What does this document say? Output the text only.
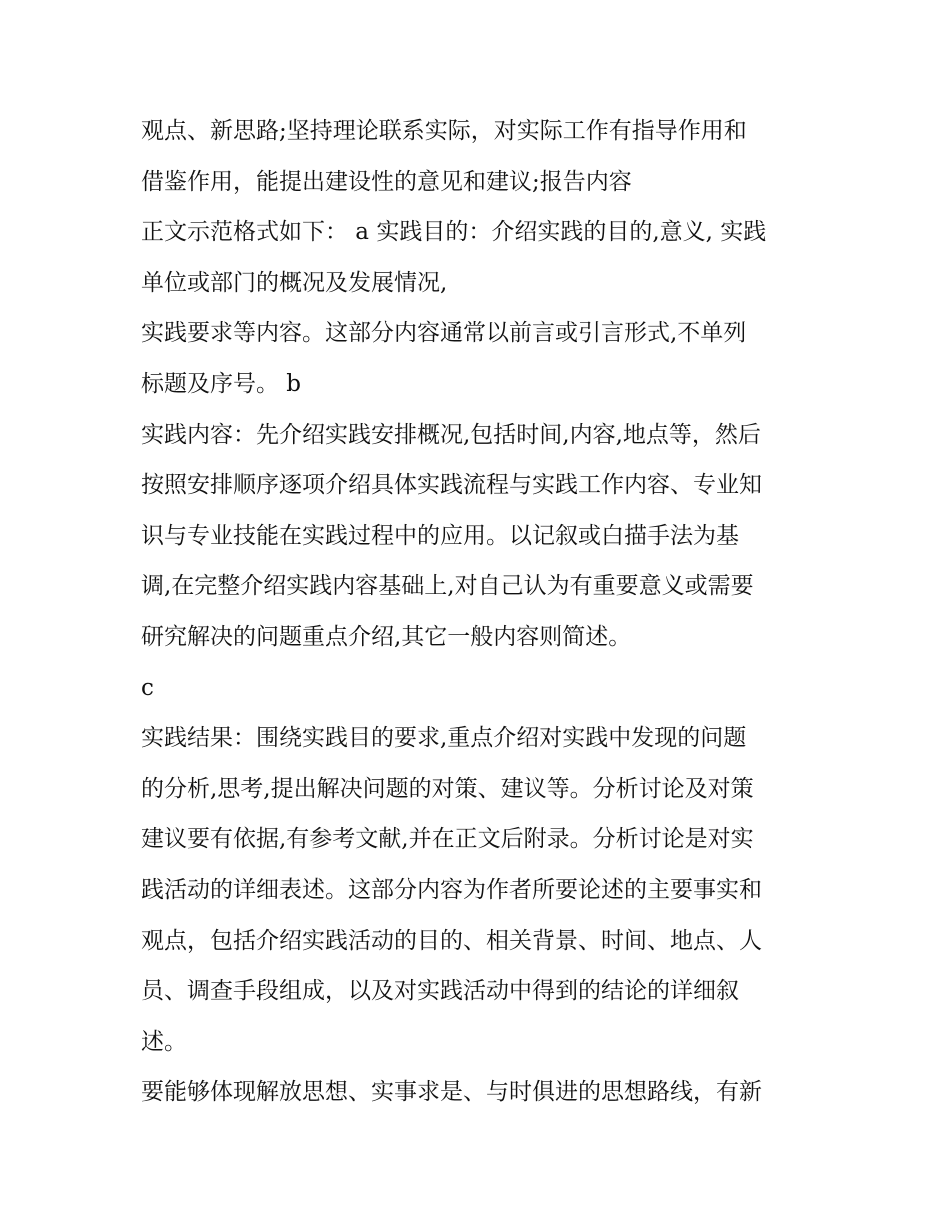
观点、新思路;坚持理论联系实际，对实际工作有指导作用和
借鉴作用，能提出建设性的意见和建议;报告内容
正文示范格式如下： a 实践目的：介绍实践的目的,意义, 实践
单位或部门的概况及发展情况,
实践要求等内容。这部分内容通常以前言或引言形式,不单列
标题及序号。 b
实践内容：先介绍实践安排概况,包括时间,内容,地点等，然后
按照安排顺序逐项介绍具体实践流程与实践工作内容、专业知
识与专业技能在实践过程中的应用。以记叙或白描手法为基
调,在完整介绍实践内容基础上,对自己认为有重要意义或需要
研究解决的问题重点介绍,其它一般内容则简述。
c
实践结果：围绕实践目的要求,重点介绍对实践中发现的问题
的分析,思考,提出解决问题的对策、建议等。分析讨论及对策
建议要有依据,有参考文献,并在正文后附录。分析讨论是对实
践活动的详细表述。这部分内容为作者所要论述的主要事实和
观点，包括介绍实践活动的目的、相关背景、时间、地点、人
员、调查手段组成，以及对实践活动中得到的结论的详细叙
述。
要能够体现解放思想、实事求是、与时俱进的思想路线，有新
